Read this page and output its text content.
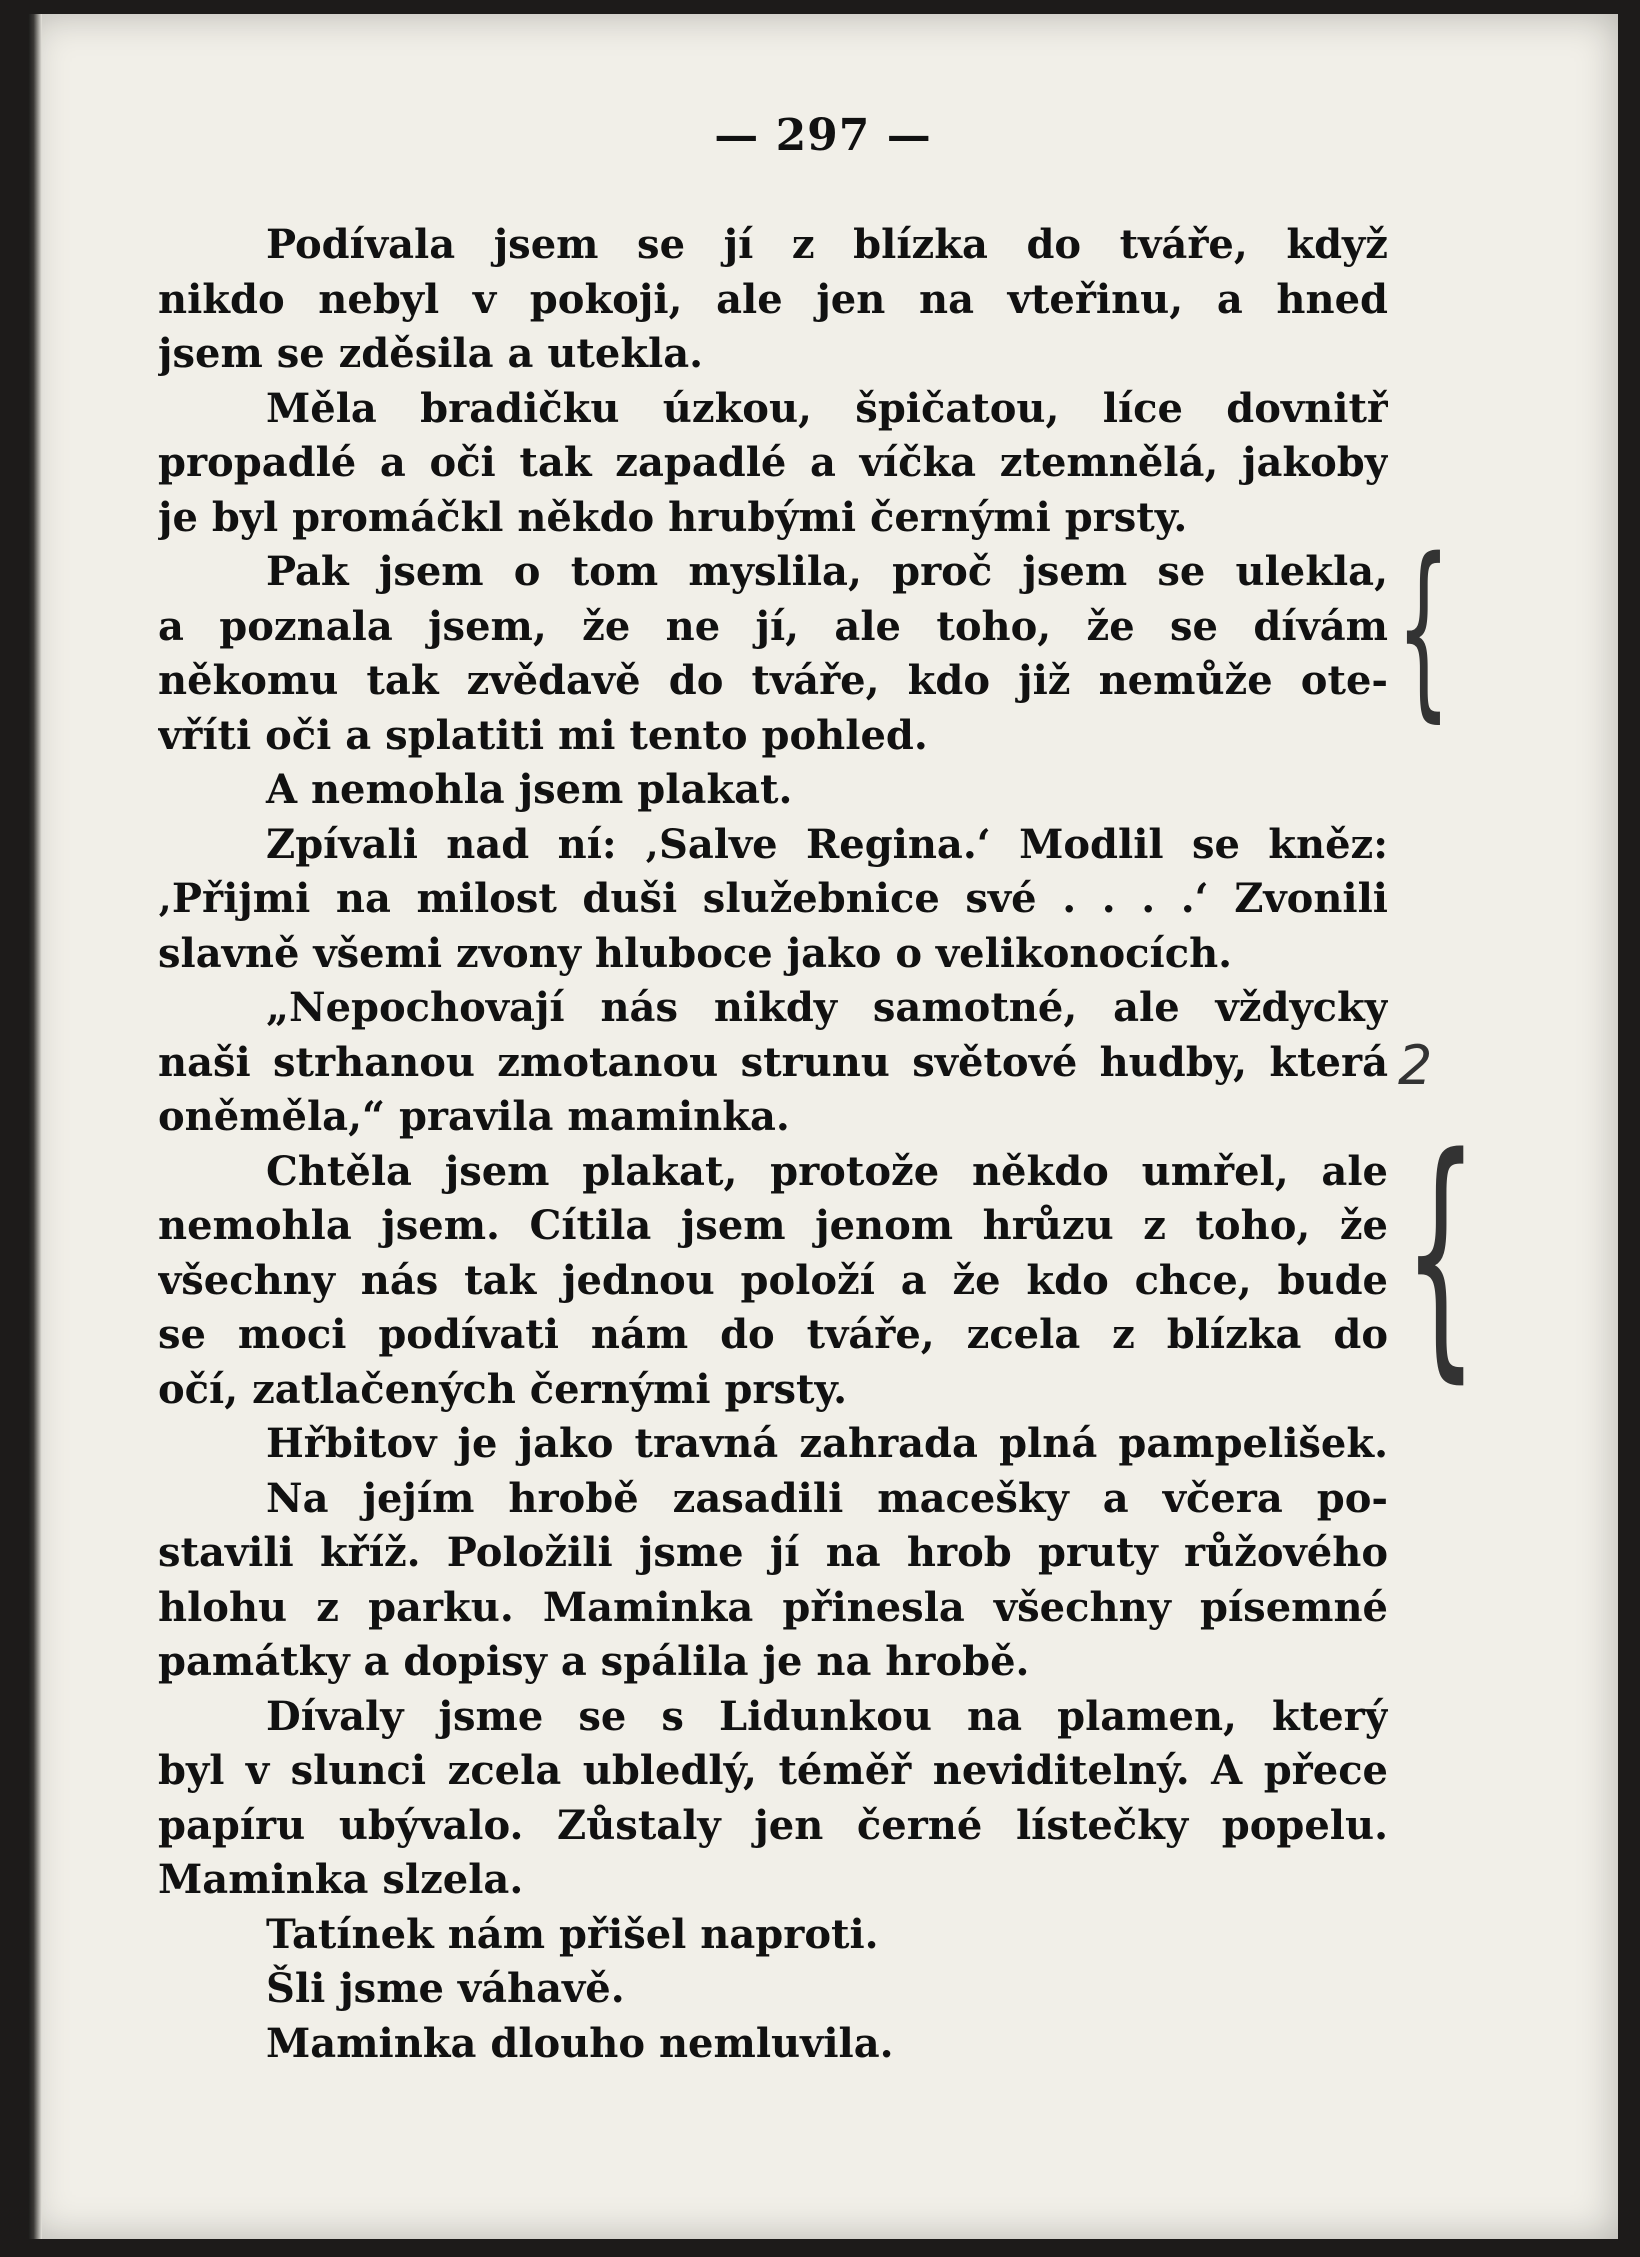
— 297 —
Podívala jsem se jí z blízka do tváře, když
nikdo nebyl v pokoji, ale jen na vteřinu, a hned
jsem se zděsila a utekla.
Měla bradičku úzkou, špičatou, líce dovnitř
propadlé a oči tak zapadlé a víčka ztemnělá, jakoby
je byl promáčkl někdo hrubými černými prsty.
Pak jsem o tom myslila, proč jsem se ulekla,
a poznala jsem, že ne jí, ale toho, že se dívám
někomu tak zvědavě do tváře, kdo již nemůže ote-
vříti oči a splatiti mi tento pohled.
A nemohla jsem plakat.
Zpívali nad ní: ‚Salve Regina.‘ Modlil se kněz:
‚Přijmi na milost duši služebnice své . . . .‘ Zvonili
slavně všemi zvony hluboce jako o velikonocích.
„Nepochovají nás nikdy samotné, ale vždycky
naši strhanou zmotanou strunu světové hudby, která
oněměla,“ pravila maminka.
Chtěla jsem plakat, protože někdo umřel, ale
nemohla jsem. Cítila jsem jenom hrůzu z toho, že
všechny nás tak jednou položí a že kdo chce, bude
se moci podívati nám do tváře, zcela z blízka do
očí, zatlačených černými prsty.
Hřbitov je jako travná zahrada plná pampelišek.
Na jejím hrobě zasadili macešky a včera po-
stavili kříž. Položili jsme jí na hrob pruty růžového
hlohu z parku. Maminka přinesla všechny písemné
památky a dopisy a spálila je na hrobě.
Dívaly jsme se s Lidunkou na plamen, který
byl v slunci zcela ubledlý, téměř neviditelný. A přece
papíru ubývalo. Zůstaly jen černé lístečky popelu.
Maminka slzela.
Tatínek nám přišel naproti.
Šli jsme váhavě.
Maminka dlouho nemluvila.
{
2
{
